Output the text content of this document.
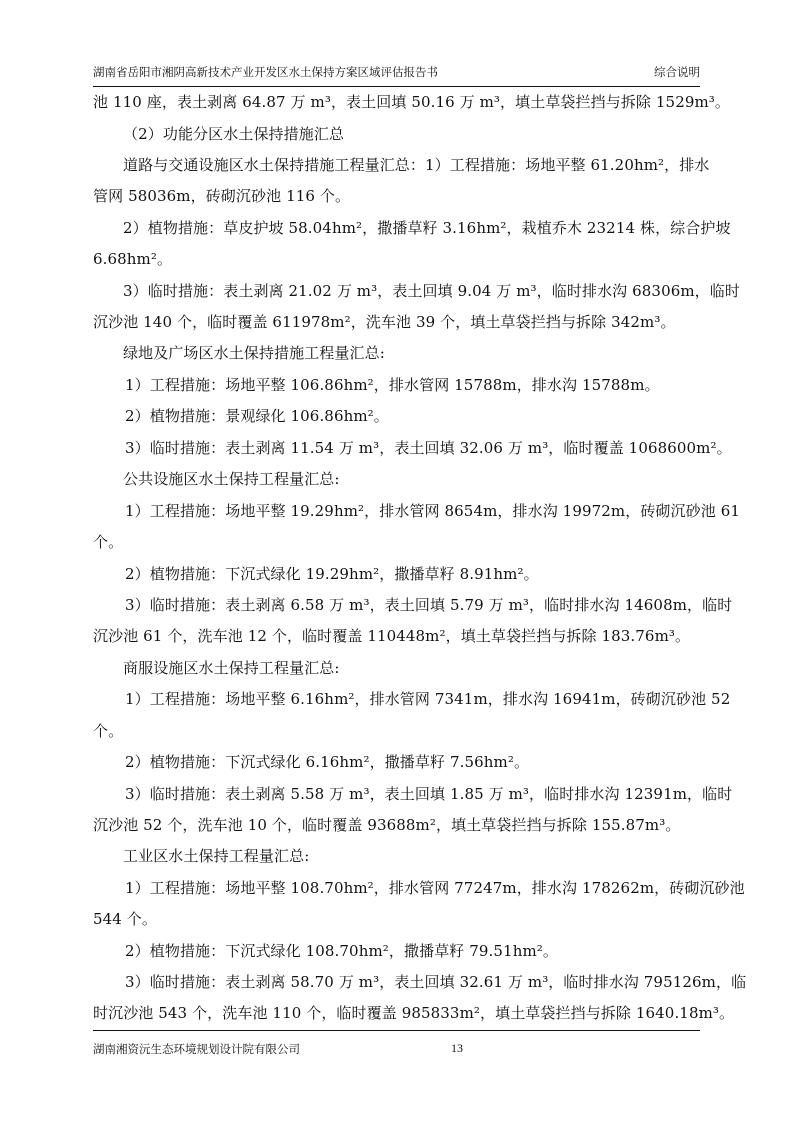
湖南省岳阳市湘阴高新技术产业开发区水土保持方案区域评估报告书	综合说明
池 110 座，表土剥离 64.87 万 m³，表土回填 50.16 万 m³，填土草袋拦挡与拆除 1529m³。
（2）功能分区水土保持措施汇总
道路与交通设施区水土保持措施工程量汇总：1）工程措施：场地平整 61.20hm²，排水
管网 58036m，砖砌沉砂池 116 个。
2）植物措施：草皮护坡 58.04hm²，撒播草籽 3.16hm²，栽植乔木 23214 株，综合护坡
6.68hm²。
3）临时措施：表土剥离 21.02 万 m³，表土回填 9.04 万 m³，临时排水沟 68306m，临时
沉沙池 140 个，临时覆盖 611978m²，洗车池 39 个，填土草袋拦挡与拆除 342m³。
绿地及广场区水土保持措施工程量汇总:
1）工程措施：场地平整 106.86hm²，排水管网 15788m，排水沟 15788m。
2）植物措施：景观绿化 106.86hm²。
3）临时措施：表土剥离 11.54 万 m³，表土回填 32.06 万 m³，临时覆盖 1068600m²。
公共设施区水土保持工程量汇总:
1）工程措施：场地平整 19.29hm²，排水管网 8654m，排水沟 19972m，砖砌沉砂池 61
个。
2）植物措施：下沉式绿化 19.29hm²，撒播草籽 8.91hm²。
3）临时措施：表土剥离 6.58 万 m³，表土回填 5.79 万 m³，临时排水沟 14608m，临时
沉沙池 61 个，洗车池 12 个，临时覆盖 110448m²，填土草袋拦挡与拆除 183.76m³。
商服设施区水土保持工程量汇总:
1）工程措施：场地平整 6.16hm²，排水管网 7341m，排水沟 16941m，砖砌沉砂池 52
个。
2）植物措施：下沉式绿化 6.16hm²，撒播草籽 7.56hm²。
3）临时措施：表土剥离 5.58 万 m³，表土回填 1.85 万 m³，临时排水沟 12391m，临时
沉沙池 52 个，洗车池 10 个，临时覆盖 93688m²，填土草袋拦挡与拆除 155.87m³。
工业区水土保持工程量汇总:
1）工程措施：场地平整 108.70hm²，排水管网 77247m，排水沟 178262m，砖砌沉砂池
544 个。
2）植物措施：下沉式绿化 108.70hm²，撒播草籽 79.51hm²。
3）临时措施：表土剥离 58.70 万 m³，表土回填 32.61 万 m³，临时排水沟 795126m，临
时沉沙池 543 个，洗车池 110 个，临时覆盖 985833m²，填土草袋拦挡与拆除 1640.18m³。
湖南湘资沅生态环境规划设计院有限公司	13
